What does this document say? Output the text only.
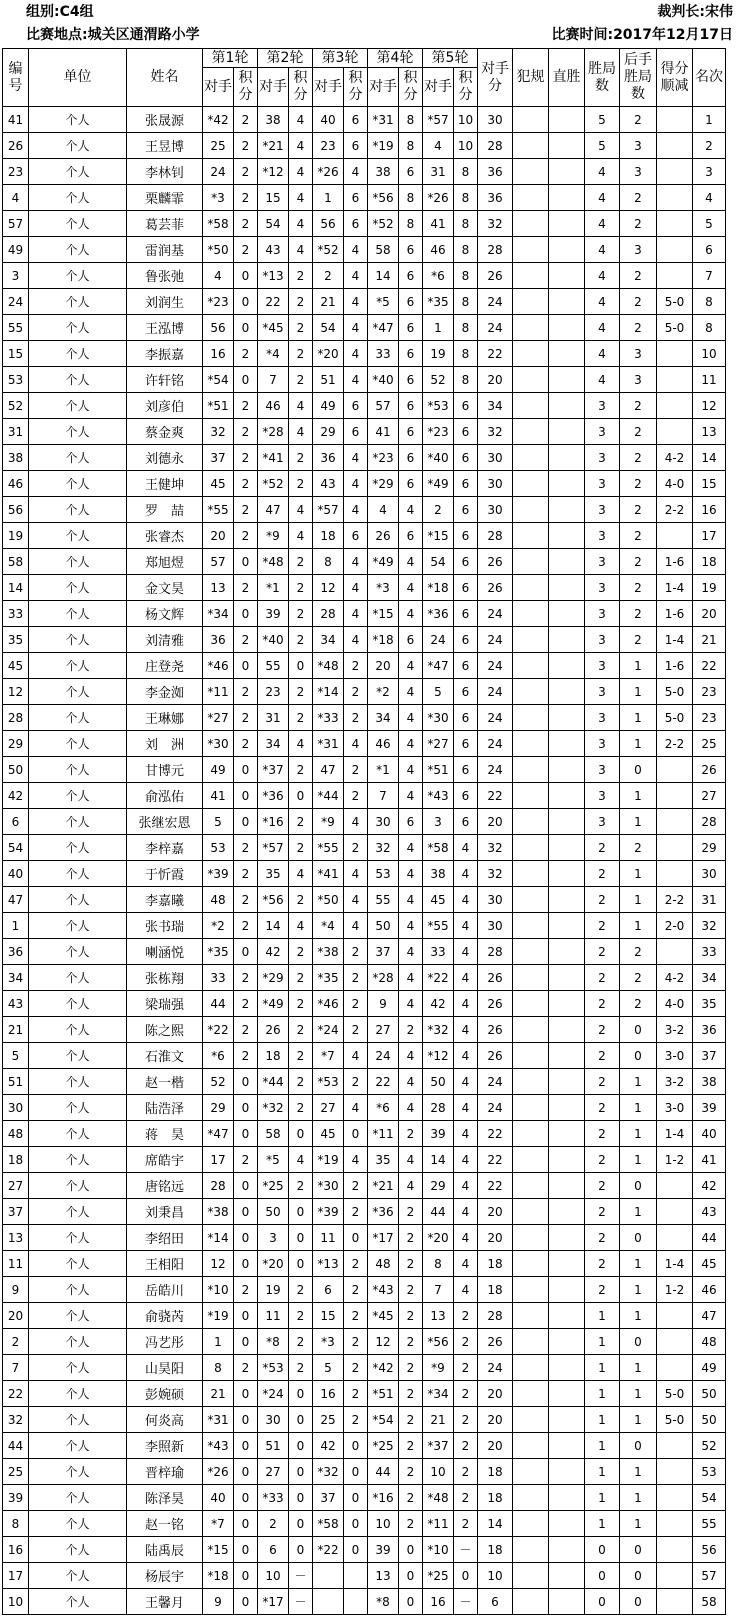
组别:C4组	裁判长:宋伟
比赛地点:城关区通渭路小学	比赛时间:2017年12月17日
编号	单位	姓名	第1轮		第2轮		第3轮		第4轮		第5轮		对手分	犯规	直胜	胜局数	后手胜局数	得分顺减	名次
			对手	积分	对手	积分	对手	积分	对手	积分	对手	积分							
41	个人	张晟源	*42	2	38	4	40	6	*31	8	*57	10	30			5	2		1
26	个人	王昱博	25	2	*21	4	23	6	*19	8	4	10	28			5	3		2
23	个人	李林钊	24	2	*12	4	*26	4	38	6	31	8	36			4	3		3
4	个人	栗麟霏	*3	2	15	4	1	6	*56	8	*26	8	36			4	2		4
57	个人	葛芸菲	*58	2	54	4	56	6	*52	8	41	8	32			4	2		5
49	个人	雷润基	*50	2	43	4	*52	4	58	6	46	8	28			4	3		6
3	个人	鲁张弛	4	0	*13	2	2	4	14	6	*6	8	26			4	2		7
24	个人	刘润生	*23	0	22	2	21	4	*5	6	*35	8	24			4	2	5-0	8
55	个人	王泓博	56	0	*45	2	54	4	*47	6	1	8	24			4	2	5-0	8
15	个人	李振嘉	16	2	*4	2	*20	4	33	6	19	8	22			4	3		10
53	个人	许轩铭	*54	0	7	2	51	4	*40	6	52	8	20			4	3		11
52	个人	刘彦伯	*51	2	46	4	49	6	57	6	*53	6	34			3	2		12
31	个人	蔡金爽	32	2	*28	4	29	6	41	6	*23	6	32			3	2		13
38	个人	刘德永	37	2	*41	2	36	4	*23	6	*40	6	30			3	2	4-2	14
46	个人	王健坤	45	2	*52	2	43	4	*29	6	*49	6	30			3	2	4-0	15
56	个人	罗　喆	*55	2	47	4	*57	4	4	4	2	6	30			3	2	2-2	16
19	个人	张睿杰	20	2	*9	4	18	6	26	6	*15	6	28			3	2		17
58	个人	郑旭煜	57	0	*48	2	8	4	*49	4	54	6	26			3	2	1-6	18
14	个人	金文昊	13	2	*1	2	12	4	*3	4	*18	6	26			3	2	1-4	19
33	个人	杨文辉	*34	0	39	2	28	4	*15	4	*36	6	24			3	2	1-6	20
35	个人	刘清雅	36	2	*40	2	34	4	*18	6	24	6	24			3	2	1-4	21
45	个人	庄登尧	*46	0	55	0	*48	2	20	4	*47	6	24			3	1	1-6	22
12	个人	李金洳	*11	2	23	2	*14	2	*2	4	5	6	24			3	1	5-0	23
28	个人	王琳娜	*27	2	31	2	*33	2	34	4	*30	6	24			3	1	5-0	23
29	个人	刘　洲	*30	2	34	4	*31	4	46	4	*27	6	24			3	1	2-2	25
50	个人	甘博元	49	0	*37	2	47	2	*1	4	*51	6	24			3	0		26
42	个人	俞泓佑	41	0	*36	0	*44	2	7	4	*43	6	22			3	1		27
6	个人	张继宏恩	5	0	*16	2	*9	4	30	6	3	6	20			3	1		28
54	个人	李梓嘉	53	2	*57	2	*55	2	32	4	*58	4	32			2	2		29
40	个人	于忻霞	*39	2	35	4	*41	4	53	4	38	4	32			2	1		30
47	个人	李嘉曦	48	2	*56	2	*50	4	55	4	45	4	30			2	1	2-2	31
1	个人	张书瑞	*2	2	14	4	*4	4	50	4	*55	4	30			2	1	2-0	32
36	个人	喇涵悦	*35	0	42	2	*38	2	37	4	33	4	28			2	2		33
34	个人	张栋翔	33	2	*29	2	*35	2	*28	4	*22	4	26			2	2	4-2	34
43	个人	梁瑞强	44	2	*49	2	*46	2	9	4	42	4	26			2	2	4-0	35
21	个人	陈之熙	*22	2	26	2	*24	2	27	2	*32	4	26			2	0	3-2	36
5	个人	石淮文	*6	2	18	2	*7	4	24	4	*12	4	26			2	0	3-0	37
51	个人	赵一楷	52	0	*44	2	*53	2	22	4	50	4	24			2	1	3-2	38
30	个人	陆浩泽	29	0	*32	2	27	4	*6	4	28	4	24			2	1	3-0	39
48	个人	蒋　昊	*47	0	58	0	45	0	*11	2	39	4	22			2	1	1-4	40
18	个人	席皓宇	17	2	*5	4	*19	4	35	4	14	4	22			2	1	1-2	41
27	个人	唐铭远	28	0	*25	2	*30	2	*21	4	29	4	22			2	0		42
37	个人	刘秉昌	*38	0	50	0	*39	2	*36	2	44	4	20			2	1		43
13	个人	李绍田	*14	0	3	0	11	0	*17	2	*20	4	20			2	0		44
11	个人	王相阳	12	0	*20	0	*13	2	48	2	8	4	18			2	1	1-4	45
9	个人	岳皓川	*10	2	19	2	6	2	*43	2	7	4	18			2	1	1-2	46
20	个人	俞骁芮	*19	0	11	2	15	2	*45	2	13	2	28			1	1		47
2	个人	冯艺彤	1	0	*8	2	*3	2	12	2	*56	2	26			1	0		48
7	个人	山昊阳	8	2	*53	2	5	2	*42	2	*9	2	24			1	1		49
22	个人	彭婉硕	21	0	*24	0	16	2	*51	2	*34	2	20			1	1	5-0	50
32	个人	何炎高	*31	0	30	0	25	2	*54	2	21	2	20			1	1	5-0	50
44	个人	李照新	*43	0	51	0	42	0	*25	2	*37	2	20			1	0		52
25	个人	晋梓瑜	*26	0	27	0	*32	0	44	2	10	2	18			1	1		53
39	个人	陈泽昊	40	0	*33	0	37	0	*16	2	*48	2	18			1	1		54
8	个人	赵一铭	*7	0	2	0	*58	0	10	2	*11	2	14			1	1		55
16	个人	陆禹辰	*15	0	6	0	*22	0	39	0	*10	－	18			0	0		56
17	个人	杨辰宇	*18	0	10	－			13	0	*25	0	10			0	0		57
10	个人	王馨月	9	0	*17	－			*8	0	16	－	6			0	0		58
